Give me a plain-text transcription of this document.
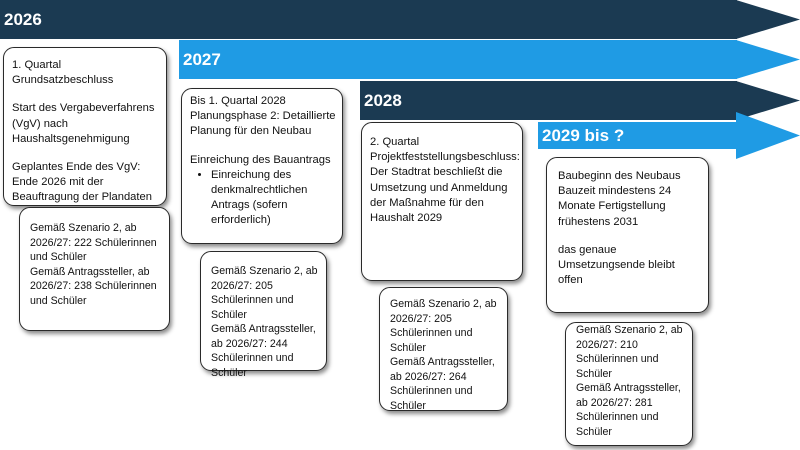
2026
2027
2028
2029 bis ?

1. Quartal Grundsatzbeschluss

Start des Vergabeverfahrens (VgV) nach Haushaltsgenehmigung

Geplantes Ende des VgV: Ende 2026 mit der Beauftragung der Plandaten

Gemäß Szenario 2, ab 2026/27: 222 Schülerinnen und Schüler

Gemäß Antragssteller, ab 2026/27: 238 Schülerinnen und Schüler

Bis 1. Quartal 2028 Planungsphase 2: Detaillierte Planung für den Neubau

Einreichung des Bauantrags

• Einreichung des denkmalrechtlichen Antrags (sofern erforderlich)

Gemäß Szenario 2, ab 2026/27: 205 Schülerinnen und Schüler

Gemäß Antragssteller, ab 2026/27: 244 Schülerinnen und Schüler

2. Quartal Projektfeststellungsbeschluss: Der Stadtrat beschließt die Umsetzung und Anmeldung der Maßnahme für den Haushalt 2029

Gemäß Szenario 2, ab 2026/27: 205 Schülerinnen und Schüler

Gemäß Antragssteller, ab 2026/27: 264 Schülerinnen und Schüler

Baubeginn des Neubaus Bauzeit mindestens 24 Monate Fertigstellung frühestens 2031

das genaue Umsetzungsende bleibt offen

Gemäß Szenario 2, ab 2026/27: 210 Schülerinnen und Schüler

Gemäß Antragssteller, ab 2026/27: 281 Schülerinnen und Schüler
